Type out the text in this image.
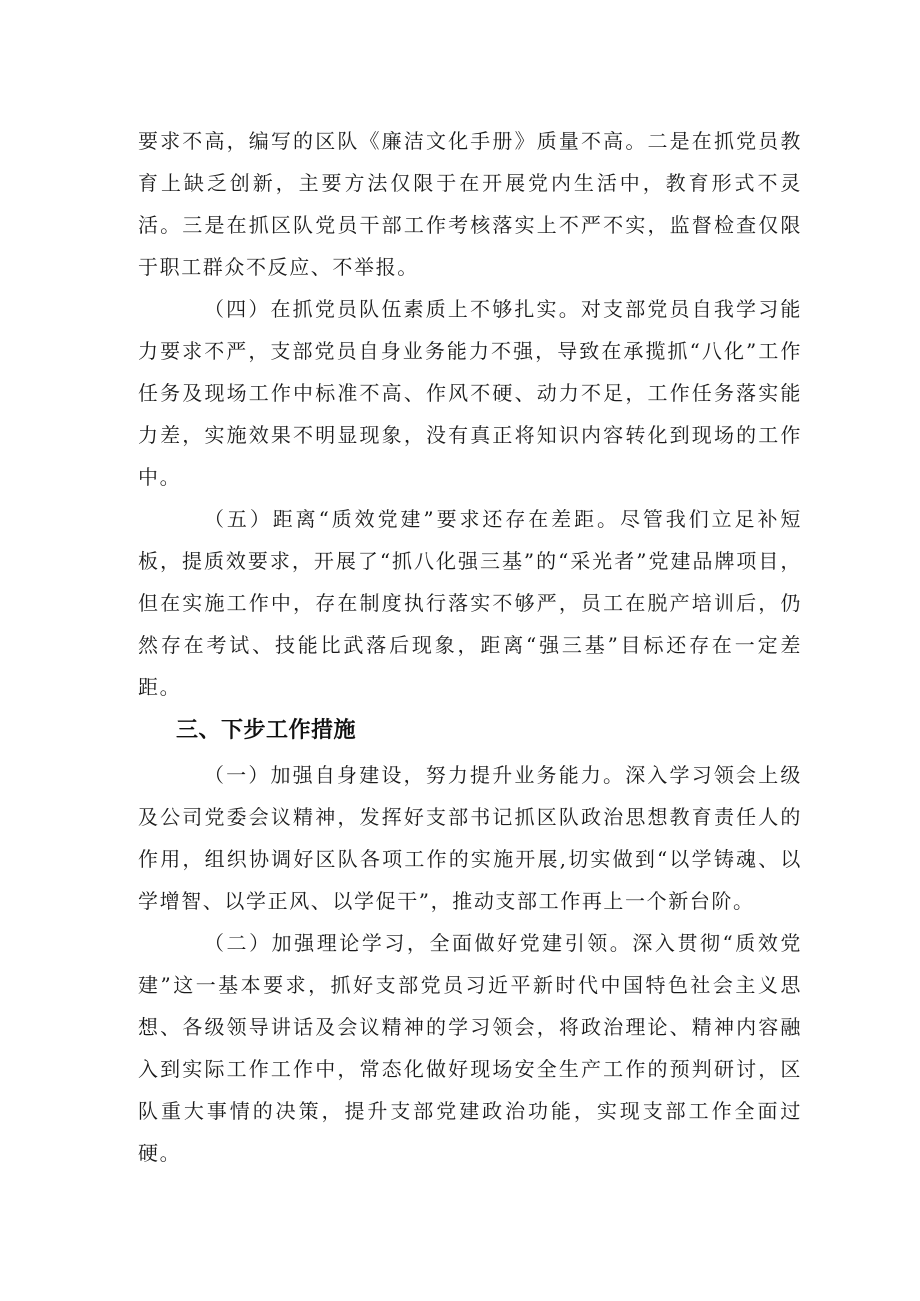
要求不高，编写的区队《廉洁文化手册》质量不高。二是在抓党员教育上缺乏创新，主要方法仅限于在开展党内生活中，教育形式不灵活。三是在抓区队党员干部工作考核落实上不严不实，监督检查仅限于职工群众不反应、不举报。

（四）在抓党员队伍素质上不够扎实。对支部党员自我学习能力要求不严，支部党员自身业务能力不强，导致在承揽抓“八化”工作任务及现场工作中标准不高、作风不硬、动力不足，工作任务落实能力差，实施效果不明显现象，没有真正将知识内容转化到现场的工作中。

（五）距离“质效党建”要求还存在差距。尽管我们立足补短板，提质效要求，开展了“抓八化强三基”的“采光者”党建品牌项目，但在实施工作中，存在制度执行落实不够严，员工在脱产培训后，仍然存在考试、技能比武落后现象，距离“强三基”目标还存在一定差距。

三、下步工作措施

（一）加强自身建设，努力提升业务能力。深入学习领会上级及公司党委会议精神，发挥好支部书记抓区队政治思想教育责任人的作用，组织协调好区队各项工作的实施开展,切实做到“以学铸魂、以学增智、以学正风、以学促干”，推动支部工作再上一个新台阶。

（二）加强理论学习，全面做好党建引领。深入贯彻“质效党建”这一基本要求，抓好支部党员习近平新时代中国特色社会主义思想、各级领导讲话及会议精神的学习领会，将政治理论、精神内容融入到实际工作工作中，常态化做好现场安全生产工作的预判研讨，区队重大事情的决策，提升支部党建政治功能，实现支部工作全面过硬。
